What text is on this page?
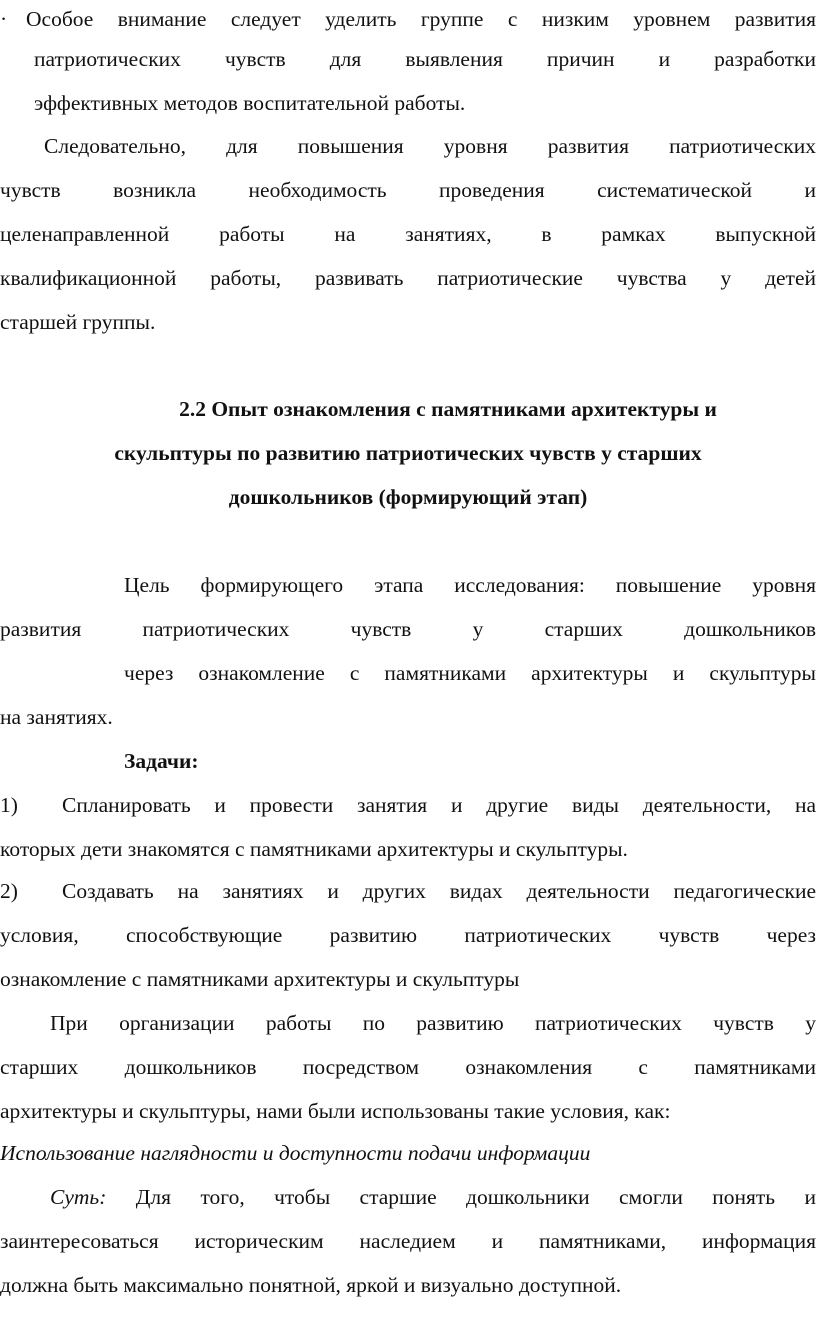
· Особое внимание следует уделить группе с низким уровнем развития
патриотических чувств для выявления причин и разработки
эффективных методов воспитательной работы.
Следовательно, для повышения уровня развития патриотических
чувств возникла необходимость проведения систематической и
целенаправленной работы на занятиях, в рамках выпускной
квалификационной работы, развивать патриотические чувства у детей
старшей группы.
2.2 Опыт ознакомления с памятниками архитектуры и
скульптуры по развитию патриотических чувств у старших
дошкольников (формирующий этап)
Цель формирующего этапа исследования: повышение уровня
развития патриотических чувств у старших дошкольников
через ознакомление с памятниками архитектуры и скульптуры
на занятиях.
Задачи:
1)	Спланировать и провести занятия и другие виды деятельности, на
которых дети знакомятся с памятниками архитектуры и скульптуры.
2)	Создавать на занятиях и других видах деятельности педагогические
условия, способствующие развитию патриотических чувств через
ознакомление с памятниками архитектуры и скульптуры
При организации работы по развитию патриотических чувств у
старших дошкольников посредством ознакомления с памятниками
архитектуры и скульптуры, нами были использованы такие условия, как:
Использование наглядности и доступности подачи информации
Суть: Для того, чтобы старшие дошкольники смогли понять и
заинтересоваться историческим наследием и памятниками, информация
должна быть максимально понятной, яркой и визуально доступной.
